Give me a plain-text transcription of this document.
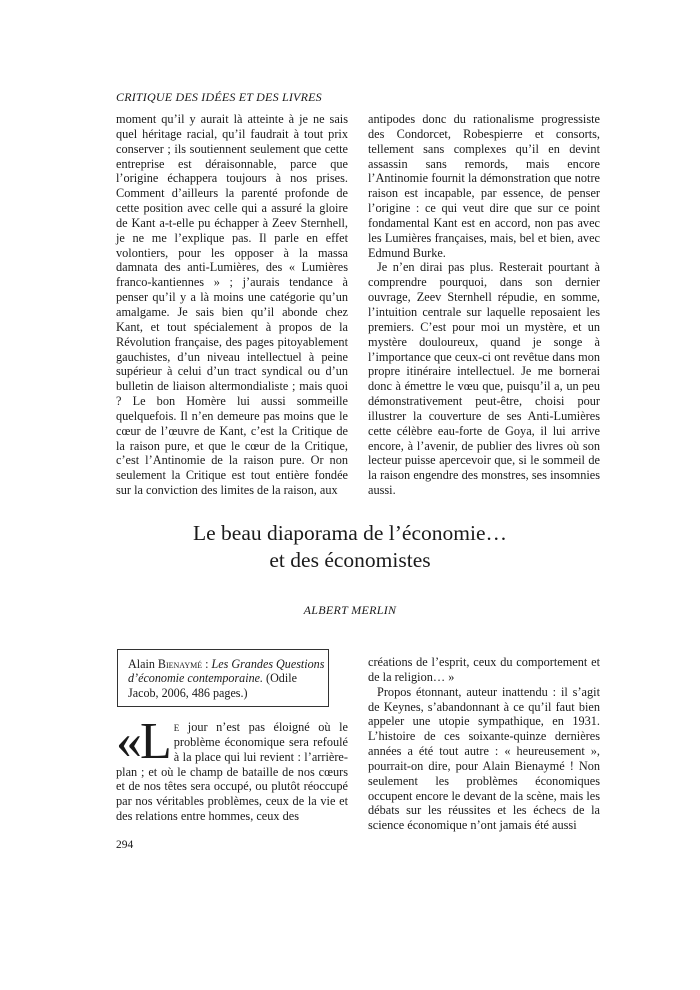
CRITIQUE DES IDÉES ET DES LIVRES

moment qu’il y aurait là atteinte à je ne sais quel héritage racial, qu’il faudrait à tout prix conserver ; ils soutiennent seulement que cette entreprise est déraisonnable, parce que l’origine échappera toujours à nos prises. Comment d’ailleurs la parenté profonde de cette position avec celle qui a assuré la gloire de Kant a-t-elle pu échapper à Zeev Sternhell, je ne me l’explique pas. Il parle en effet volontiers, pour les opposer à la massa damnata des anti-Lumières, des « Lumières franco-kantiennes » ; j’aurais tendance à penser qu’il y a là moins une catégorie qu’un amalgame. Je sais bien qu’il abonde chez Kant, et tout spécialement à propos de la Révolution française, des pages pitoyablement gauchistes, d’un niveau intellectuel à peine supérieur à celui d’un tract syndical ou d’un bulletin de liaison altermondialiste ; mais quoi ? Le bon Homère lui aussi sommeille quelquefois. Il n’en demeure pas moins que le cœur de l’œuvre de Kant, c’est la Critique de la raison pure, et que le cœur de la Critique, c’est l’Antinomie de la raison pure. Or non seulement la Critique est tout entière fondée sur la conviction des limites de la raison, aux

antipodes donc du rationalisme progressiste des Condorcet, Robespierre et consorts, tellement sans complexes qu’il en devint assassin sans remords, mais encore l’Antinomie fournit la démonstration que notre raison est incapable, par essence, de penser l’origine : ce qui veut dire que sur ce point fondamental Kant est en accord, non pas avec les Lumières françaises, mais, bel et bien, avec Edmund Burke.

Je n’en dirai pas plus. Resterait pourtant à comprendre pourquoi, dans son dernier ouvrage, Zeev Sternhell répudie, en somme, l’intuition centrale sur laquelle reposaient les premiers. C’est pour moi un mystère, et un mystère douloureux, quand je songe à l’importance que ceux-ci ont revêtue dans mon propre itinéraire intellectuel. Je me bornerai donc à émettre le vœu que, puisqu’il a, un peu démonstrativement peut-être, choisi pour illustrer la couverture de ses Anti-Lumières cette célèbre eau-forte de Goya, il lui arrive encore, à l’avenir, de publier des livres où son lecteur puisse apercevoir que, si le sommeil de la raison engendre des monstres, ses insomnies aussi.

Le beau diaporama de l’économie…
et des économistes
ALBERT MERLIN
Alain Bienaymé : Les Grandes Questions d’économie contemporaine. (Odile Jacob, 2006, 486 pages.)

«L e jour n’est pas éloigné où le problème économique sera refoulé à la place qui lui revient : l’arrière-plan ; et où le champ de bataille de nos cœurs et de nos têtes sera occupé, ou plutôt réoccupé par nos véritables problèmes, ceux de la vie et des relations entre hommes, ceux des

créations de l’esprit, ceux du comportement et de la religion… »

Propos étonnant, auteur inattendu : il s’agit de Keynes, s’abandonnant à ce qu’il faut bien appeler une utopie sympathique, en 1931. L’histoire de ces soixante-quinze dernières années a été tout autre : « heureusement », pourrait-on dire, pour Alain Bienaymé ! Non seulement les problèmes économiques occupent encore le devant de la scène, mais les débats sur les réussites et les échecs de la science économique n’ont jamais été aussi

294
